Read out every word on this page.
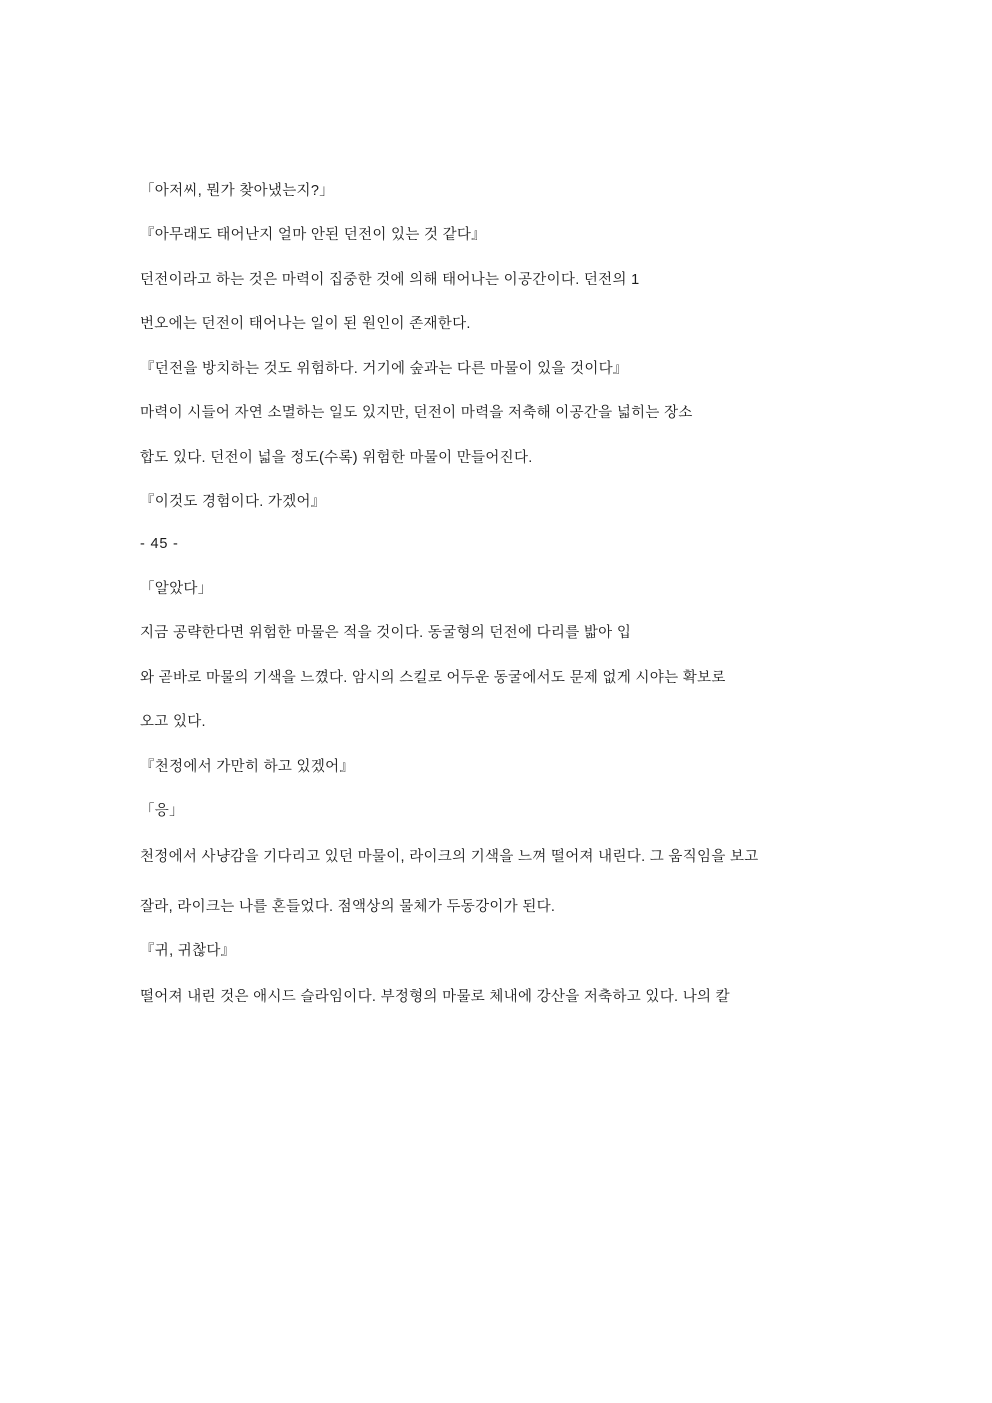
「아저씨, 뭔가 찾아냈는지?」

『아무래도 태어난지 얼마 안된 던전이 있는 것 같다』

던전이라고 하는 것은 마력이 집중한 것에 의해 태어나는 이공간이다. 던전의 1

번오에는 던전이 태어나는 일이 된 원인이 존재한다.

『던전을 방치하는 것도 위험하다. 거기에 숲과는 다른 마물이 있을 것이다』

마력이 시들어 자연 소멸하는 일도 있지만, 던전이 마력을 저축해 이공간을 넓히는 장소

합도 있다. 던전이 넓을 정도(수록) 위험한 마물이 만들어진다.

『이것도 경험이다. 가겠어』

- 45 -

「알았다」

지금 공략한다면 위험한 마물은 적을 것이다. 동굴형의 던전에 다리를 밟아 입

와 곧바로 마물의 기색을 느꼈다. 암시의 스킬로 어두운 동굴에서도 문제 없게 시야는 확보로

오고 있다.

『천정에서 가만히 하고 있겠어』

「응」

천정에서 사냥감을 기다리고 있던 마물이, 라이크의 기색을 느껴 떨어져 내린다. 그 움직임을 보고

잘라, 라이크는 나를 혼들었다. 점액상의 물체가 두동강이가 된다.

『귀, 귀찮다』

떨어져 내린 것은 애시드 슬라임이다. 부정형의 마물로 체내에 강산을 저축하고 있다. 나의 칼
